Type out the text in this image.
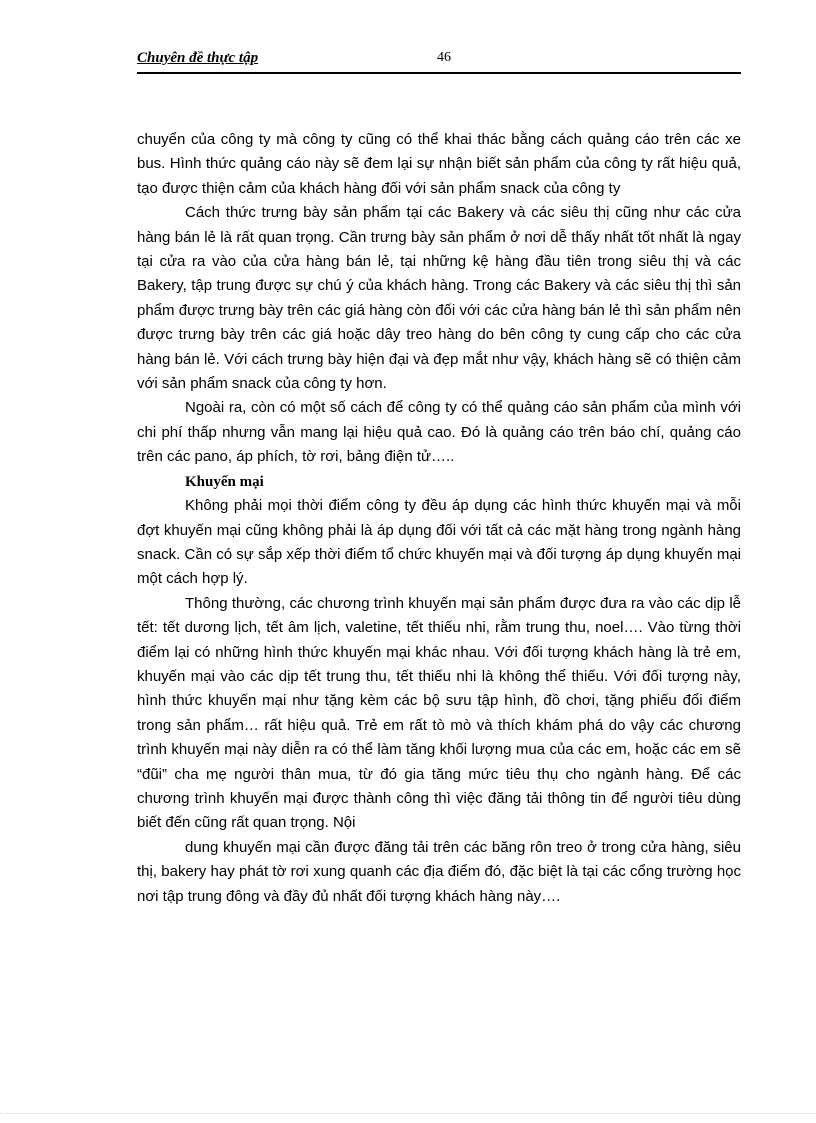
Chuyên đề thực tập	46

chuyển của công ty mà công ty cũng có thể khai thác bằng cách quảng cáo trên các xe bus. Hình thức quảng cáo này sẽ đem lại sự nhận biết sản phẩm của công ty rất hiệu quả, tạo được thiện cảm của khách hàng đối với sản phẩm snack của công ty

Cách thức trưng bày sản phẩm tại các Bakery và các siêu thị cũng như các cửa hàng bán lẻ là rất quan trọng. Cần trưng bày sản phẩm ở nơi dễ thấy nhất tốt nhất là ngay tại cửa ra vào của cửa hàng bán lẻ, tại những kệ hàng đầu tiên trong siêu thị và các Bakery, tập trung được sự chú ý của khách hàng. Trong các Bakery và các siêu thị thì sản phẩm được trưng bày trên các giá hàng còn đối với các cửa hàng bán lẻ thì sản phẩm nên được trưng bày trên các giá hoặc dây treo hàng do bên công ty cung cấp cho các cửa hàng bán lẻ. Với cách trưng bày hiện đại và đẹp mắt như vậy, khách hàng sẽ có thiện cảm với sản phẩm snack của công ty hơn.

Ngoài ra, còn có một số cách để công ty có thể quảng cáo sản phẩm của mình với chi phí thấp nhưng vẫn mang lại hiệu quả cao. Đó là quảng cáo trên báo chí, quảng cáo trên các pano, áp phích, tờ rơi, bảng điện tử…..

Khuyến mại

Không phải mọi thời điểm công ty đều áp dụng các hình thức khuyến mại và mỗi đợt khuyến mại cũng không phải là áp dụng đối với tất cả các mặt hàng trong ngành hàng snack. Cần có sự sắp xếp thời điểm tổ chức khuyến mại và đối tượng áp dụng khuyến mại một cách hợp lý.

Thông thường, các chương trình khuyến mại sản phẩm được đưa ra vào các dịp lễ tết: tết dương lịch, tết âm lịch, valetine, tết thiếu nhi, rằm trung thu, noel…. Vào từng thời điểm lại có những hình thức khuyến mại khác nhau. Với đối tượng khách hàng là trẻ em, khuyến mại vào các dịp tết trung thu, tết thiếu nhi là không thể thiếu. Với đối tượng này, hình thức khuyến mại như tặng kèm các bộ sưu tập hình, đồ chơi, tặng phiếu đổi điểm trong sản phẩm… rất hiệu quả. Trẻ em rất tò mò và thích khám phá do vậy các chương trình khuyến mại này diễn ra có thể làm tăng khối lượng mua của các em, hoặc các em sẽ “đũi” cha mẹ người thân mua, từ đó gia tăng mức tiêu thụ cho ngành hàng. Để các chương trình khuyến mại được thành công thì việc đăng tải thông tin để người tiêu dùng biết đến cũng rất quan trọng. Nội

dung khuyến mại cần được đăng tải trên các băng rôn treo ở trong cửa hàng, siêu thị, bakery hay phát tờ rơi xung quanh các địa điểm đó, đặc biệt là tại các cổng trường học nơi tập trung đông và đầy đủ nhất đối tượng khách hàng này….
